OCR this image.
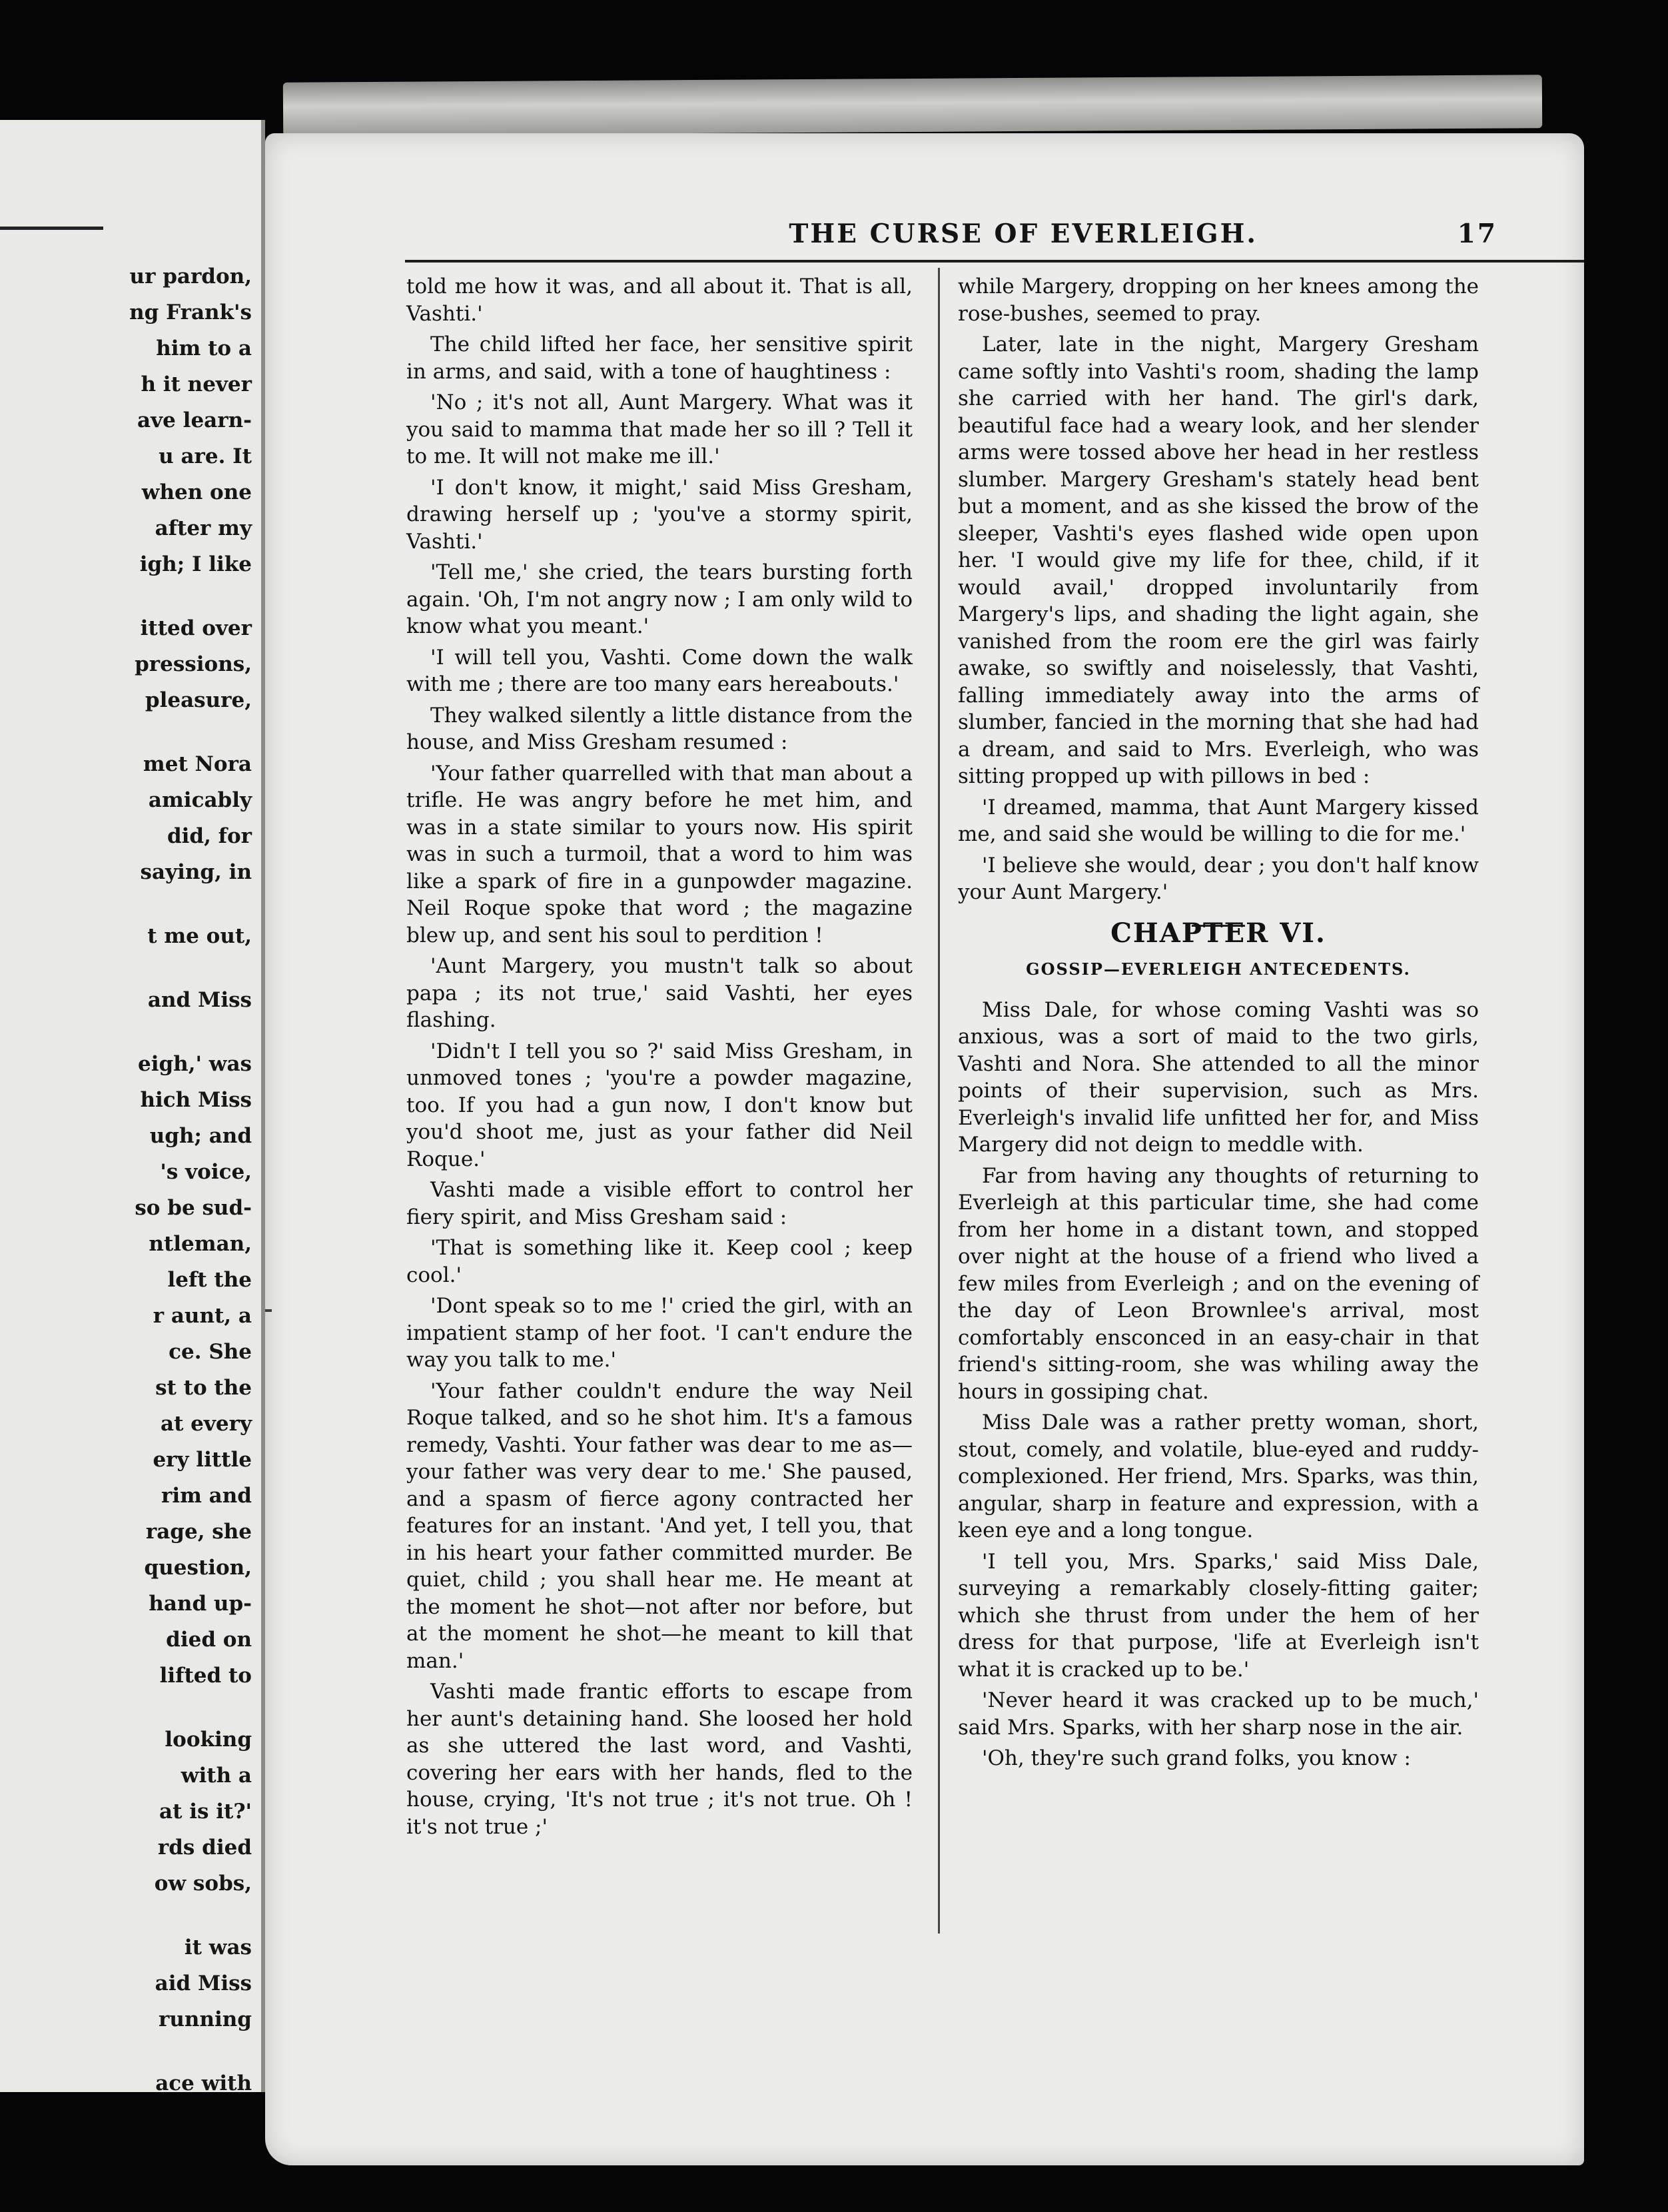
ur pardon,
ng Frank's
him to a
h it never
ave learn-
u are. It
when one
after my
igh; I like
itted over
pressions,
pleasure,
met Nora
amicably
did, for
saying, in
t me out,
and Miss
eigh,' was
hich Miss
ugh; and
's voice,
so be sud-
ntleman,
left the
r aunt, a
ce. She
st to the
at every
ery little
rim and
rage, she
question,
hand up-
died on
lifted to
looking
with a
at is it?'
rds died
ow sobs,
it was
aid Miss
running
ace with
THE CURSE OF EVERLEIGH.	17

told me how it was, and all about it. That is all, Vashti.'

The child lifted her face, her sensitive spirit in arms, and said, with a tone of haughtiness :

'No ; it's not all, Aunt Margery. What was it you said to mamma that made her so ill ? Tell it to me. It will not make me ill.'

'I don't know, it might,' said Miss Gresham, drawing herself up ; 'you've a stormy spirit, Vashti.'

'Tell me,' she cried, the tears bursting forth again. 'Oh, I'm not angry now ; I am only wild to know what you meant.'

'I will tell you, Vashti. Come down the walk with me ; there are too many ears hereabouts.'

They walked silently a little distance from the house, and Miss Gresham resumed :

'Your father quarrelled with that man about a trifle. He was angry before he met him, and was in a state similar to yours now. His spirit was in such a turmoil, that a word to him was like a spark of fire in a gunpowder magazine. Neil Roque spoke that word ; the magazine blew up, and sent his soul to perdition !

'Aunt Margery, you mustn't talk so about papa ; its not true,' said Vashti, her eyes flashing.

'Didn't I tell you so ?' said Miss Gresham, in unmoved tones ; 'you're a powder magazine, too. If you had a gun now, I don't know but you'd shoot me, just as your father did Neil Roque.'

Vashti made a visible effort to control her fiery spirit, and Miss Gresham said :

'That is something like it. Keep cool ; keep cool.'

'Dont speak so to me !' cried the girl, with an impatient stamp of her foot. 'I can't endure the way you talk to me.'

'Your father couldn't endure the way Neil Roque talked, and so he shot him. It's a famous remedy, Vashti. Your father was dear to me as—your father was very dear to me.' She paused, and a spasm of fierce agony contracted her features for an instant. 'And yet, I tell you, that in his heart your father committed murder. Be quiet, child ; you shall hear me. He meant at the moment he shot—not after nor before, but at the moment he shot—he meant to kill that man.'

Vashti made frantic efforts to escape from her aunt's detaining hand. She loosed her hold as she uttered the last word, and Vashti, covering her ears with her hands, fled to the house, crying, 'It's not true ; it's not true. Oh ! it's not true ;'

while Margery, dropping on her knees among the rose-bushes, seemed to pray.

Later, late in the night, Margery Gresham came softly into Vashti's room, shading the lamp she carried with her hand. The girl's dark, beautiful face had a weary look, and her slender arms were tossed above her head in her restless slumber. Margery Gresham's stately head bent but a moment, and as she kissed the brow of the sleeper, Vashti's eyes flashed wide open upon her. 'I would give my life for thee, child, if it would avail,' dropped involuntarily from Margery's lips, and shading the light again, she vanished from the room ere the girl was fairly awake, so swiftly and noiselessly, that Vashti, falling immediately away into the arms of slumber, fancied in the morning that she had had a dream, and said to Mrs. Everleigh, who was sitting propped up with pillows in bed :

'I dreamed, mamma, that Aunt Margery kissed me, and said she would be willing to die for me.'

'I believe she would, dear ; you don't half know your Aunt Margery.'

CHAPTER VI.
GOSSIP—EVERLEIGH ANTECEDENTS.

Miss Dale, for whose coming Vashti was so anxious, was a sort of maid to the two girls, Vashti and Nora. She attended to all the minor points of their supervision, such as Mrs. Everleigh's invalid life unfitted her for, and Miss Margery did not deign to meddle with.

Far from having any thoughts of returning to Everleigh at this particular time, she had come from her home in a distant town, and stopped over night at the house of a friend who lived a few miles from Everleigh ; and on the evening of the day of Leon Brownlee's arrival, most comfortably ensconced in an easy-chair in that friend's sitting-room, she was whiling away the hours in gossiping chat.

Miss Dale was a rather pretty woman, short, stout, comely, and volatile, blue-eyed and ruddy-complexioned. Her friend, Mrs. Sparks, was thin, angular, sharp in feature and expression, with a keen eye and a long tongue.

'I tell you, Mrs. Sparks,' said Miss Dale, surveying a remarkably closely-fitting gaiter; which she thrust from under the hem of her dress for that purpose, 'life at Everleigh isn't what it is cracked up to be.'

'Never heard it was cracked up to be much,' said Mrs. Sparks, with her sharp nose in the air.

'Oh, they're such grand folks, you know :
